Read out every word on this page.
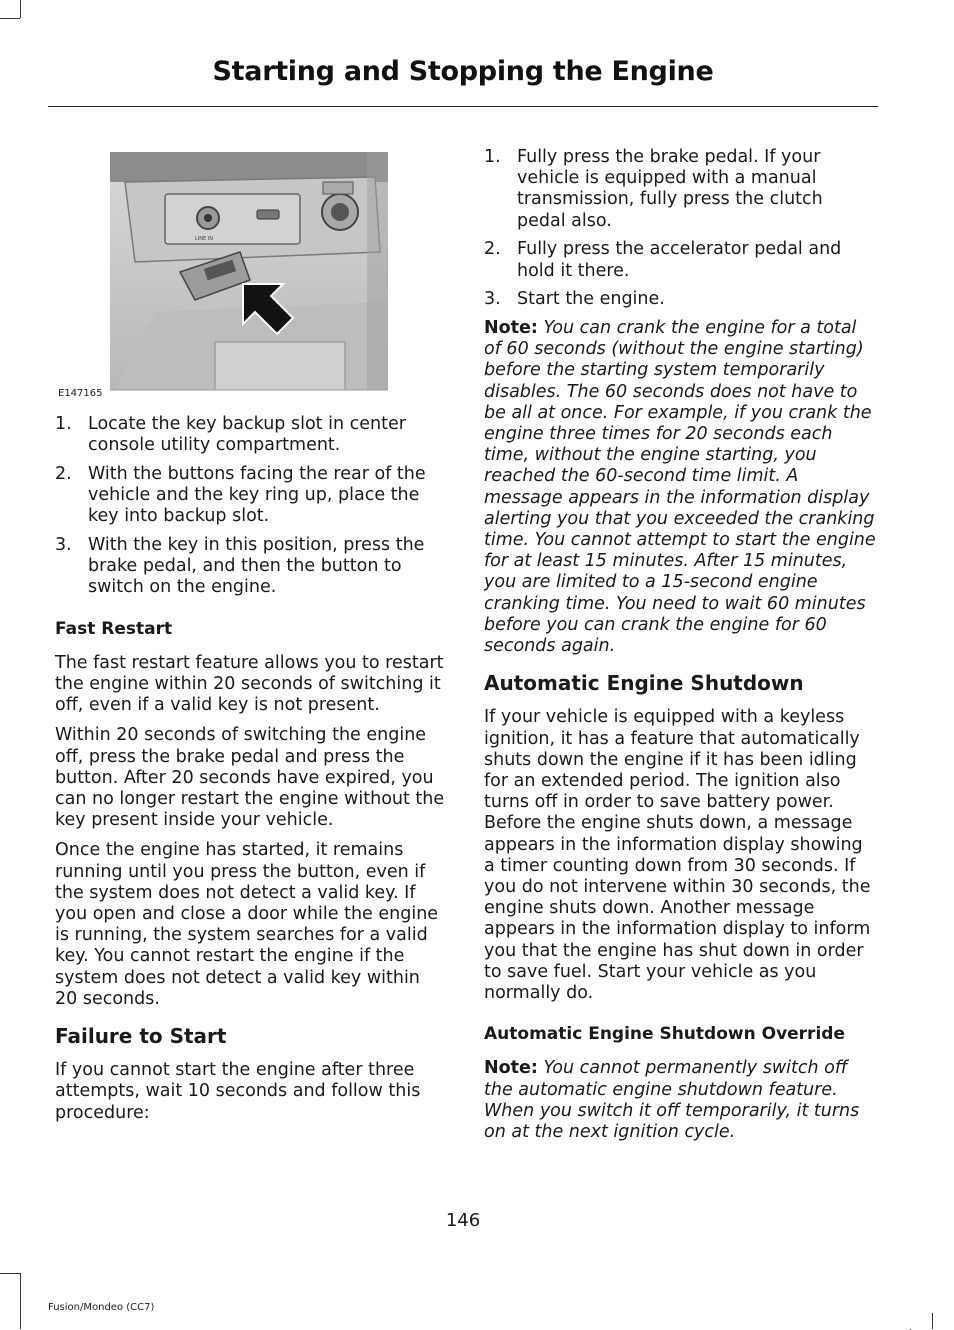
Starting and Stopping the Engine
LINE IN
E147165
1. Locate the key backup slot in center console utility compartment.
2. With the buttons facing the rear of the vehicle and the key ring up, place the key into backup slot.
3. With the key in this position, press the brake pedal, and then the button to switch on the engine.
Fast Restart

The fast restart feature allows you to restart the engine within 20 seconds of switching it off, even if a valid key is not present.

Within 20 seconds of switching the engine off, press the brake pedal and press the button. After 20 seconds have expired, you can no longer restart the engine without the key present inside your vehicle.

Once the engine has started, it remains running until you press the button, even if the system does not detect a valid key. If you open and close a door while the engine is running, the system searches for a valid key. You cannot restart the engine if the system does not detect a valid key within 20 seconds.

Failure to Start

If you cannot start the engine after three attempts, wait 10 seconds and follow this procedure:

1. Fully press the brake pedal. If your vehicle is equipped with a manual transmission, fully press the clutch pedal also.
2. Fully press the accelerator pedal and hold it there.
3. Start the engine.

Note: You can crank the engine for a total of 60 seconds (without the engine starting) before the starting system temporarily disables. The 60 seconds does not have to be all at once. For example, if you crank the engine three times for 20 seconds each time, without the engine starting, you reached the 60-second time limit. A message appears in the information display alerting you that you exceeded the cranking time. You cannot attempt to start the engine for at least 15 minutes. After 15 minutes, you are limited to a 15-second engine cranking time. You need to wait 60 minutes before you can crank the engine for 60 seconds again.

Automatic Engine Shutdown

If your vehicle is equipped with a keyless ignition, it has a feature that automatically shuts down the engine if it has been idling for an extended period. The ignition also turns off in order to save battery power. Before the engine shuts down, a message appears in the information display showing a timer counting down from 30 seconds. If you do not intervene within 30 seconds, the engine shuts down. Another message appears in the information display to inform you that the engine has shut down in order to save fuel. Start your vehicle as you normally do.

Automatic Engine Shutdown Override

Note: You cannot permanently switch off the automatic engine shutdown feature. When you switch it off temporarily, it turns on at the next ignition cycle.

146
Fusion/Mondeo (CC7)
